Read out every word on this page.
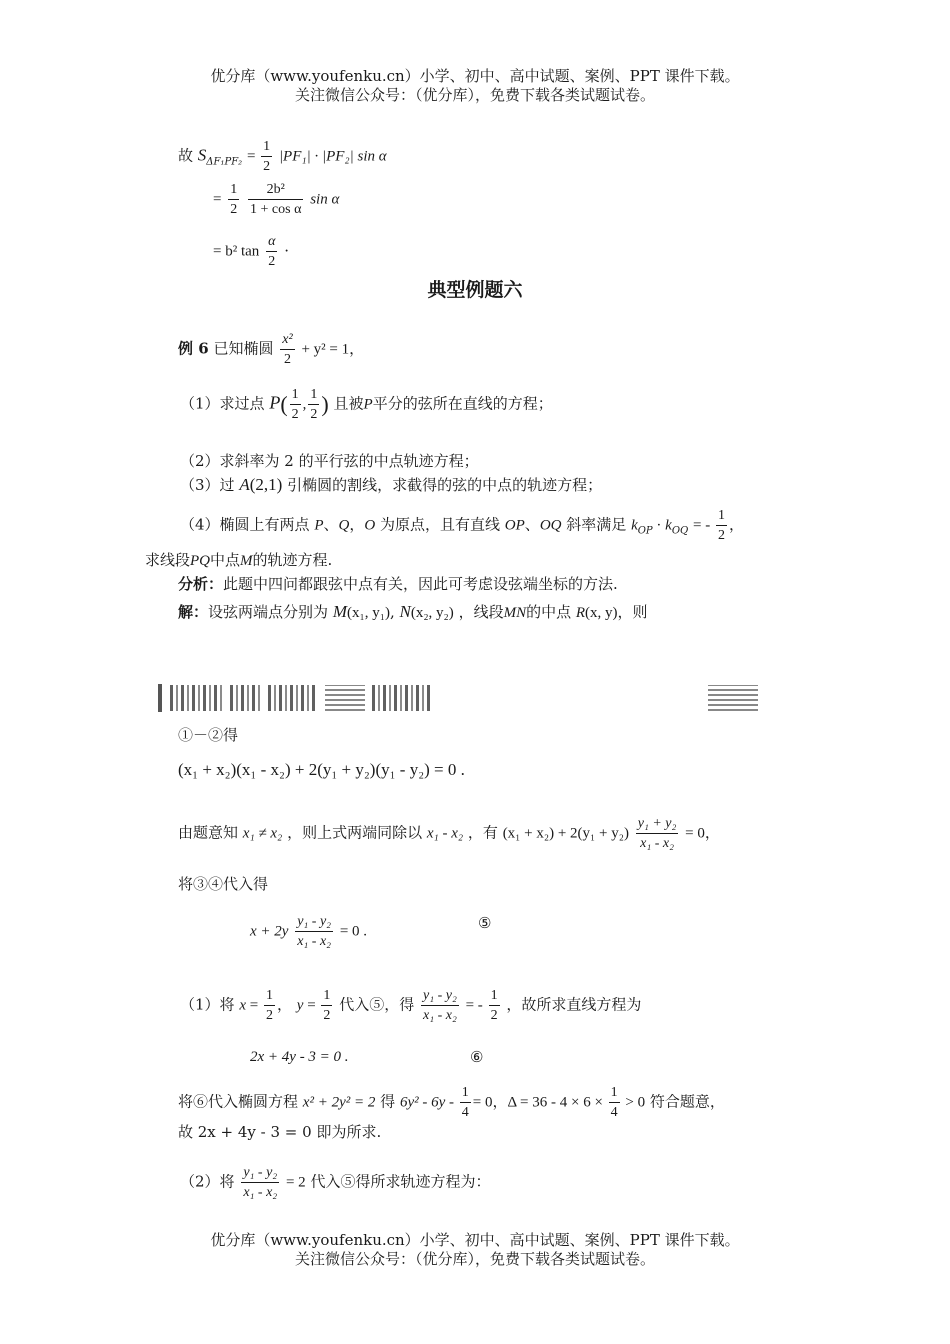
优分库（www.youfenku.cn）小学、初中、高中试题、案例、PPT 课件下载。
关注微信公众号：（优分库），免费下载各类试题试卷。
故 $S_{\Delta F_1PF_2} = \frac{1}{2} |PF_1| \cdot |PF_2|$ sin α
= $\frac{1}{2}$
$\frac{\text{2b²}}{\text{1 + cos α}}$ sin α
= b² $\tan \frac{\alpha}{2}$ ·
典型例题六
例 6 已知椭圆 $\frac{\text{x²}}{2} + y^2 = 1$，
（1）求过点 $P( \frac{1}{2}$ , $\frac{1}{2}$ ) 且被P平分的弦所在直线的方程；
（2）求斜率为 2 的平行弦的中点轨迹方程；
（3）过 A(2,1) 引椭圆的割线，求截得的弦的中点的轨迹方程；
（4）椭圆上有两点 P、Q，O 为原点，且有直线 OP、OQ 斜率满足 $k_{OP} \cdot k_{OQ}$ = - $\frac{1}{2}$ ，
求线段PQ中点M的轨迹方程.
分析：此题中四问都跟弦中点有关，因此可考虑设弦端坐标的方法.
解：设弦两端点分别为 M(x₁, y₁), N(x₂, y₂) ，线段MN的中点 R(x, y)，则
①－②得
(x₁ + x₂)(x₁ - x₂) + 2(y₁ + y₂)(y₁ - y₂) = 0 .
由题意知 x₁ ≠ x₂ ，则上式两端同除以 x₁ - x₂ ，有 $(x_1 + x_2) + 2(y_1 + y_2) \frac{\text{y₁ + y₂}}{\text{x₁ - x₂}} = 0$，
将③④代入得
$x + 2y \frac{\text{y₁ - y₂}}{\text{x₁ - x₂}} = 0$ .	⑤
（1）将 $x = \frac{1}{2}$ ， $y = \frac{1}{2}$ 代入⑤，得 $\frac{\text{y₁ - y₂}}{\text{x₁ - x₂}}$ = - $\frac{1}{2}$ ，故所求直线方程为
2x + 4y - 3 = 0 .	⑥
将⑥代入椭圆方程 x² + 2y² = 2 得 $6y^2 - 6y - \frac{1}{4} = 0$，$\Delta = 36 - 4 \times 6 \times \frac{1}{4} > 0$ 符合题意，
故 2x + 4y - 3 = 0 即为所求.
（2）将 $\frac{\text{y₁ - y₂}}{\text{x₁ - x₂}} = 2$ 代入⑤得所求轨迹方程为：
优分库（www.youfenku.cn）小学、初中、高中试题、案例、PPT 课件下载。
关注微信公众号：（优分库），免费下载各类试题试卷。
